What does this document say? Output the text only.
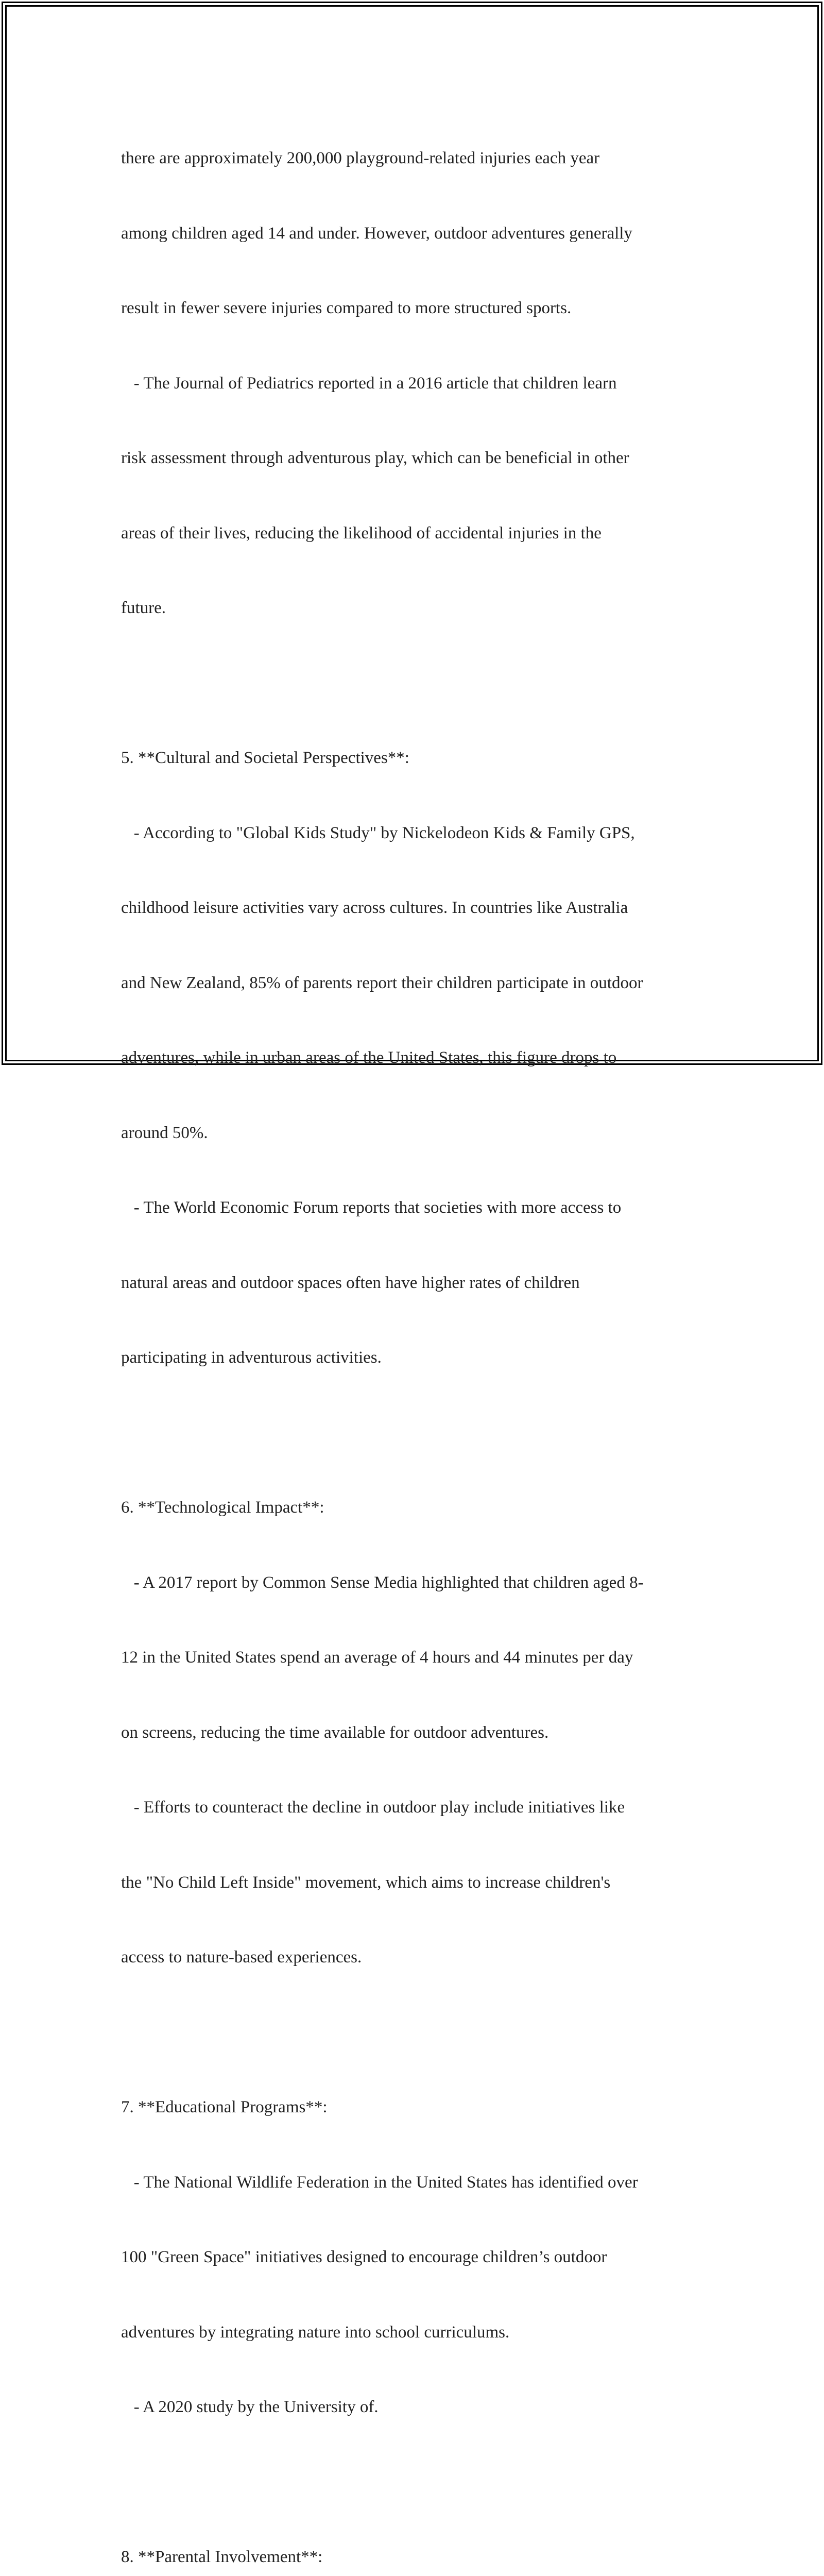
there are approximately 200,000 playground-related injuries each year

among children aged 14 and under. However, outdoor adventures generally

result in fewer severe injuries compared to more structured sports.

- The Journal of Pediatrics reported in a 2016 article that children learn

risk assessment through adventurous play, which can be beneficial in other

areas of their lives, reducing the likelihood of accidental injuries in the

future.

5. **Cultural and Societal Perspectives**:

- According to "Global Kids Study" by Nickelodeon Kids & Family GPS,

childhood leisure activities vary across cultures. In countries like Australia

and New Zealand, 85% of parents report their children participate in outdoor

adventures, while in urban areas of the United States, this figure drops to

around 50%.

- The World Economic Forum reports that societies with more access to

natural areas and outdoor spaces often have higher rates of children

participating in adventurous activities.

6. **Technological Impact**:

- A 2017 report by Common Sense Media highlighted that children aged 8-

12 in the United States spend an average of 4 hours and 44 minutes per day

on screens, reducing the time available for outdoor adventures.

- Efforts to counteract the decline in outdoor play include initiatives like

the "No Child Left Inside" movement, which aims to increase children's

access to nature-based experiences.

7. **Educational Programs**:

- The National Wildlife Federation in the United States has identified over

100 "Green Space" initiatives designed to encourage children’s outdoor

adventures by integrating nature into school curriculums.

- A 2020 study by the University of.

8. **Parental Involvement**:
